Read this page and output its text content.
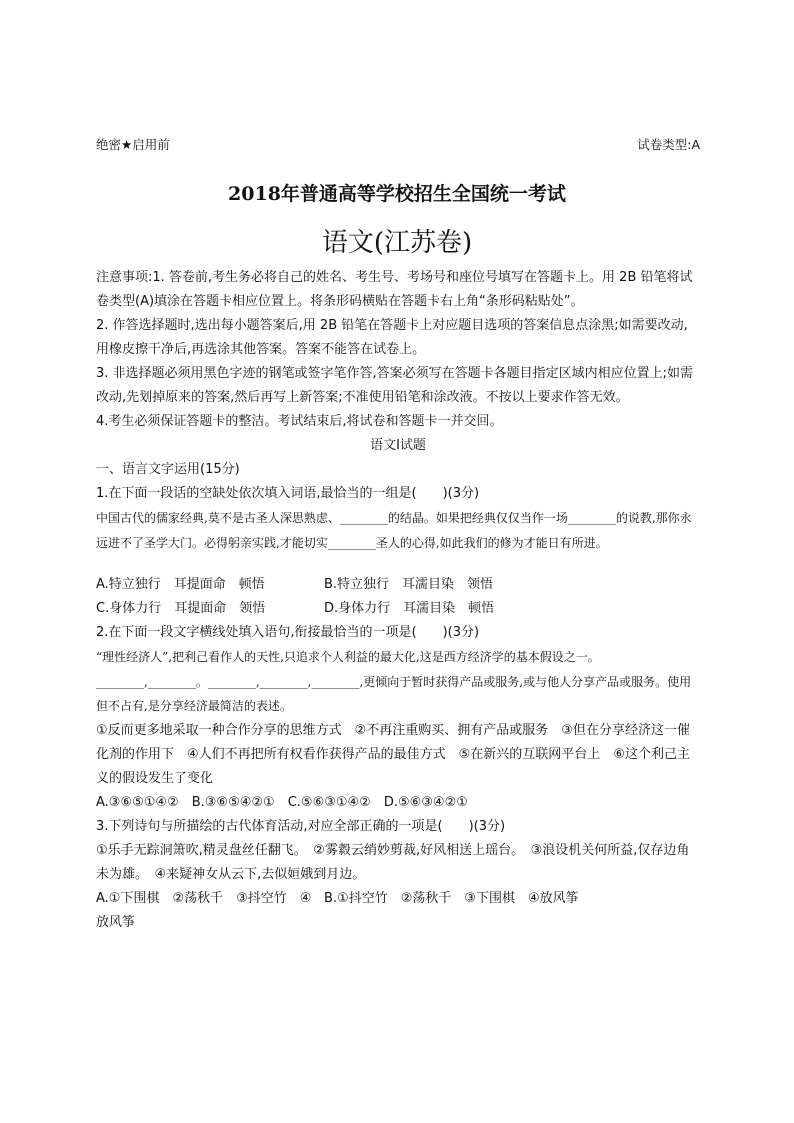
绝密★启用前	试卷类型:A
2018年普通高等学校招生全国统一考试
语文(江苏卷)

注意事项:1. 答卷前,考生务必将自己的姓名、考生号、考场号和座位号填写在答题卡上。用 2B 铅笔将试卷类型(A)填涂在答题卡相应位置上。将条形码横贴在答题卡右上角“条形码粘贴处”。

2. 作答选择题时,选出每小题答案后,用 2B 铅笔在答题卡上对应题目选项的答案信息点涂黑;如需要改动,用橡皮擦干净后,再选涂其他答案。答案不能答在试卷上。

3. 非选择题必须用黑色字迹的钢笔或签字笔作答,答案必须写在答题卡各题目指定区域内相应位置上;如需改动,先划掉原来的答案,然后再写上新答案;不准使用铅笔和涂改液。不按以上要求作答无效。

4.考生必须保证答题卡的整洁。考试结束后,将试卷和答题卡一并交回。

语文Ⅰ试题

一、语言文字运用(15分)

1.在下面一段话的空缺处依次填入词语,最恰当的一组是(　　)(3分)

中国古代的儒家经典,莫不是古圣人深思熟虑、________的结晶。如果把经典仅仅当作一场________的说教,那你永远进不了圣学大门。必得躬亲实践,才能切实________圣人的心得,如此我们的修为才能日有所进。

A.特立独行　耳提面命　顿悟	B.特立独行　耳濡目染　领悟
C.身体力行　耳提面命　领悟	D.身体力行　耳濡目染　顿悟

2.在下面一段文字横线处填入语句,衔接最恰当的一项是(　　)(3分)

“理性经济人”,把利己看作人的天性,只追求个人利益的最大化,这是西方经济学的基本假设之一。________,________。________,________,________,更倾向于暂时获得产品或服务,或与他人分享产品或服务。使用但不占有,是分享经济最简洁的表述。

①反而更多地采取一种合作分享的思维方式　②不再注重购买、拥有产品或服务　③但在分享经济这一催化剂的作用下　④人们不再把所有权看作获得产品的最佳方式　⑤在新兴的互联网平台上　⑥这个利己主义的假设发生了变化

A.③⑥⑤①④②　B.③⑥⑤④②①　C.⑤⑥③①④②　D.⑤⑥③④②①

3.下列诗句与所描绘的古代体育活动,对应全部正确的一项是(　　)(3分)

①乐手无踪洞箫吹,精灵盘丝任翻飞。　②雾縠云绡妙剪裁,好风相送上瑶台。　③浪设机关何所益,仅存边角未为雄。　④来疑神女从云下,去似姮娥到月边。

A.①下围棋　②荡秋千　③抖空竹　④放风筝
B.①抖空竹　②荡秋千　③下围棋　④放风筝
